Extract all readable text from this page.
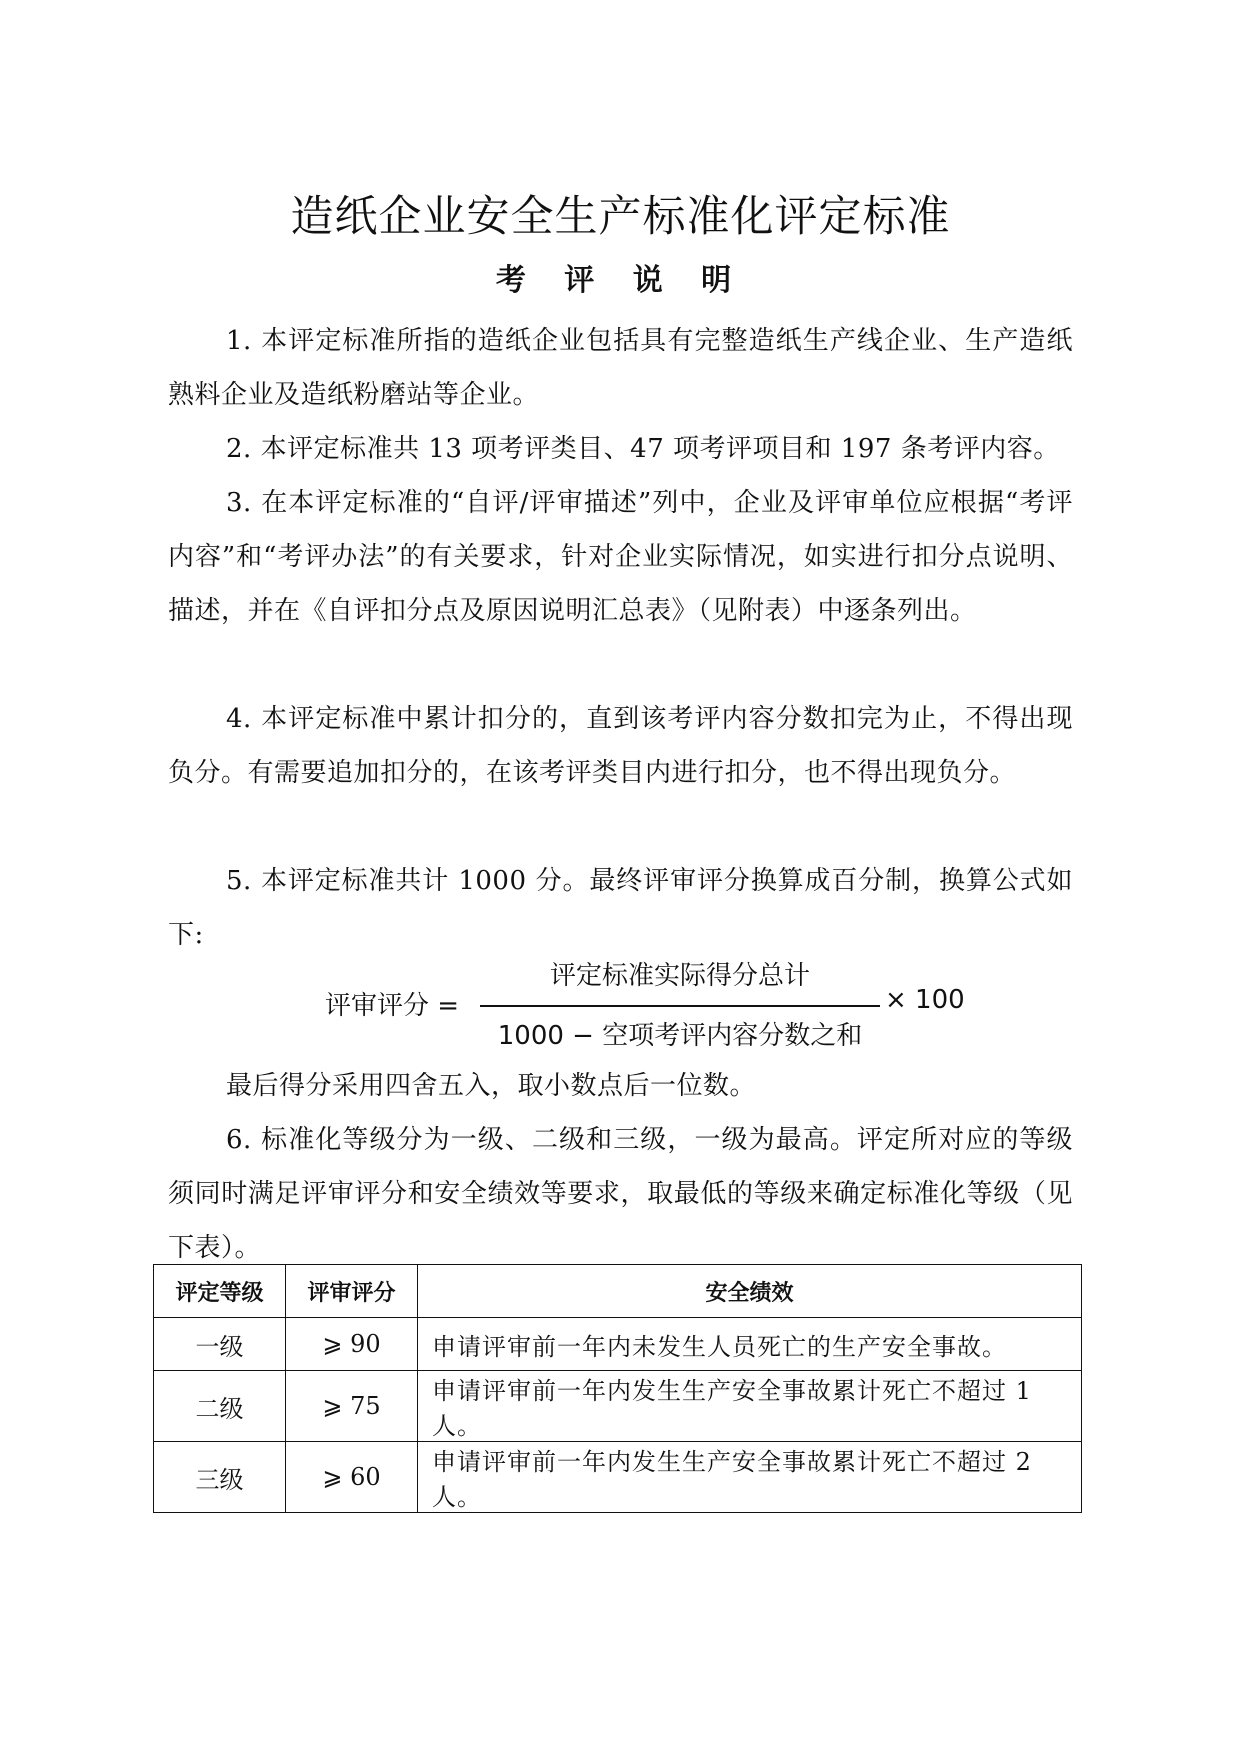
造纸企业安全生产标准化评定标准
考 评 说 明

1. 本评定标准所指的造纸企业包括具有完整造纸生产线企业、生产造纸熟料企业及造纸粉磨站等企业。

2. 本评定标准共 13 项考评类目、47 项考评项目和 197 条考评内容。

3. 在本评定标准的“自评/评审描述”列中，企业及评审单位应根据“考评内容”和“考评办法”的有关要求，针对企业实际情况，如实进行扣分点说明、描述，并在《自评扣分点及原因说明汇总表》（见附表）中逐条列出。

4. 本评定标准中累计扣分的，直到该考评内容分数扣完为止，不得出现负分。有需要追加扣分的，在该考评类目内进行扣分，也不得出现负分。

5. 本评定标准共计 1000 分。最终评审评分换算成百分制，换算公式如下:

评审评分 =
评定标准实际得分总计
1000 − 空项考评内容分数之和
× 100

最后得分采用四舍五入，取小数点后一位数。

6. 标准化等级分为一级、二级和三级，一级为最高。评定所对应的等级须同时满足评审评分和安全绩效等要求，取最低的等级来确定标准化等级（见下表）。

评定等级	评审评分	安全绩效
一级	⩾ 90	申请评审前一年内未发生人员死亡的生产安全事故。
二级	⩾ 75	申请评审前一年内发生生产安全事故累计死亡不超过 1 人。
三级	⩾ 60	申请评审前一年内发生生产安全事故累计死亡不超过 2 人。
